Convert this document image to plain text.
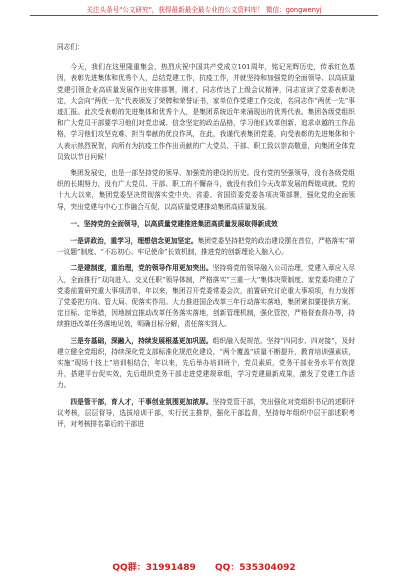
关注头条号"公文研究"，获得最新最全最专业的公文资料库！ 微信：gongwenyj

同志们：

今天，我们在这里隆重集会，热烈庆祝中国共产党成立101周年，铭记光辉历史，传承红色基因，表彰先进集体和优秀个人，总结党建工作，抗疫工作，并就坚持和加强党的全面领导、以高质量党建引领企业高质量发展作出安排部署，刚才，同志传达了上级会议精神，同志宣读了党委表彰决定，大会向“两优一先”代表颁发了荣牌和荣誉证书，家单位作党建工作交流，名同志作“两优一先”事迹汇报。此次受表彰的先进集体和优秀个人，是集团系统近年来涌现出的优秀代表。集团各级党组织和广大党员干部要学习他们对党忠诚、信念坚定的政治品格，学习他们改革创新、追求卓越的工作品格，学习他们攻坚克难、担当奉献的优良作风，在此，我谨代表集团党委，向受表彰的先进集体和个人表示热烈祝贺，向所有为抗疫工作作出贡献的广大党员、干部、职工致以崇高敬意，向集团全体党员致以节日问候！

集团发展史，也是一部坚持党的领导、加强党的建设的历史。没有党的坚强领导，没有各级党组织的长期努力，没有广大党员、干部、职工的不懈奋斗，就没有我们今天改革发展的辉煌成就。党的十九大以来，集团党委坚决贯彻落实党中央、省委、省国资委党委各项决策部署，强化党的全面领导，突出党建与中心工作融合互促，以高质量党建推动集团高质量发展。

一、坚持党的全面领导，以高质量党建推进集团高质量发展取得新成效

一是讲政治，重学习，理想信念更加坚定。集团党委坚持把党的政治建设摆在首位，严格落实“第一议题”制度、“不忘初心、牢记使命”长效机制，推进党的创新理论入脑入心。

二是建制度，重治理，党的领导作用更加突出。坚持将党的领导融入公司治理，党建入章应入尽入，全面推行“双向进入、交叉任职”领导体制，严格落实“三重一大”集体决策制度，家党委均建立了党委前置研究重大事项清单，年以来，集团召开党委常委会次，前置研究讨论重大事项项，有力发挥了党委把方向、管大局、促落实作用。大力推进国企改革三年行动落实落地，集团紧扣要提供方案、定目标、定举措，因地制宜推动改革任务落实落地，创新管理机制，强化管控，严格督查督办等，持续推进改革任务落地见效，明确目标分解，责任落实到人。

三是夯基础，深融入，持续发展根基更加巩固。组织融入促规范。坚持“四同步、四对接”，及时建立健全党组织，持续深化党支部标准化规范化建设，“两个覆盖”质量不断提升，教育培训强素质，实施“现场十技上”培训相结合，年以来，先后举办培训班个，党员素质，党务干部业务水平有效提升，搭建平台促实效，先后组织党务干部走进党建规章组，学习党建最新成果，激发了党建工作活力。

四是管干部，育人才，干事创业氛围更加浓厚。坚持党管干部，突出强化对党组织书记的述职评议考核，层层督导，选拔培训干部，实行民主推荐，强化干部监督，坚持每年组织中层干部述职考评，对考核排名靠后的干部进

QQ群：31991489 QQ：535304092
